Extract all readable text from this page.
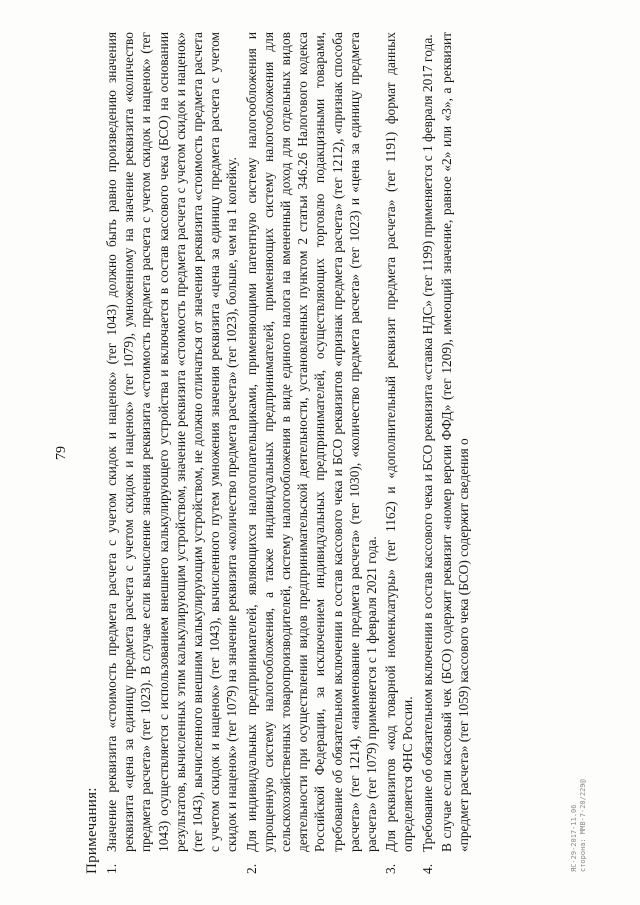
79
Примечания: 1.

Значение реквизита «стоимость предмета расчета с учетом скидок и наценок» (тег 1043) должно быть равно произведению значения реквизита «цена за единицу предмета расчета с учетом скидок и наценок» (тег 1079), умноженному на значение реквизита «количество предмета расчета» (тег 1023). В случае если вычисление значения реквизита «стоимость предмета расчета с учетом скидок и наценок» (тег 1043) осуществляется с использованием внешнего калькулирующего устройства и включается в состав кассового чека (БСО) на основании результатов, вычисленных этим калькулирующим устройством, значение реквизита «стоимость предмета расчета с учетом скидок и наценок» (тег 1043), вычисленного внешним калькулирующим устройством, не должно отличаться от значения реквизита «стоимость предмета расчета с учетом скидок и наценок» (тег 1043), вычисленного путем умножения значения реквизита «цена за единицу предмета расчета с учетом скидок и наценок» (тег 1079) на значение реквизита «количество предмета расчета» (тег 1023), больше, чем на 1 копейку.

2.

Для индивидуальных предпринимателей, являющихся налогоплательщиками, применяющими патентную систему налогообложения и упрощенную систему налогообложения, а также индивидуальных предпринимателей, применяющих систему налогообложения для сельскохозяйственных товаропроизводителей, систему налогообложения в виде единого налога на вмененный доход для отдельных видов деятельности при осуществлении видов предпринимательской деятельности, установленных пунктом 2 статьи 346.26 Налогового кодекса Российской Федерации, за исключением индивидуальных предпринимателей, осуществляющих торговлю подакцизными товарами, требование об обязательном включении в состав кассового чека и БСО реквизитов «признак предмета расчета» (тег 1212), «признак способа расчета» (тег 1214), «наименование предмета расчета» (тег 1030), «количество предмета расчета» (тег 1023) и «цена за единицу предмета расчета» (тег 1079) применяется с 1 февраля 2021 года.

3.

Для реквизитов «код товарной номенклатуры» (тег 1162) и «дополнительный реквизит предмета расчета» (тег 1191) формат данных определяется ФНС России.

4.

Требование об обязательном включении в состав кассового чека и БСО реквизита «ставка НДС» (тег 1199) применяется с 1 февраля 2017 года. В случае если кассовый чек (БСО) содержит реквизит «номер версии ФФД» (тег 1209), имеющий значение, равное «2» или «3», а реквизит «предмет расчета» (тег 1059) кассового чека (БСО) содержит сведения о	ЯС-29-2017-11.06 сторона: ММВ-7-20/229@
